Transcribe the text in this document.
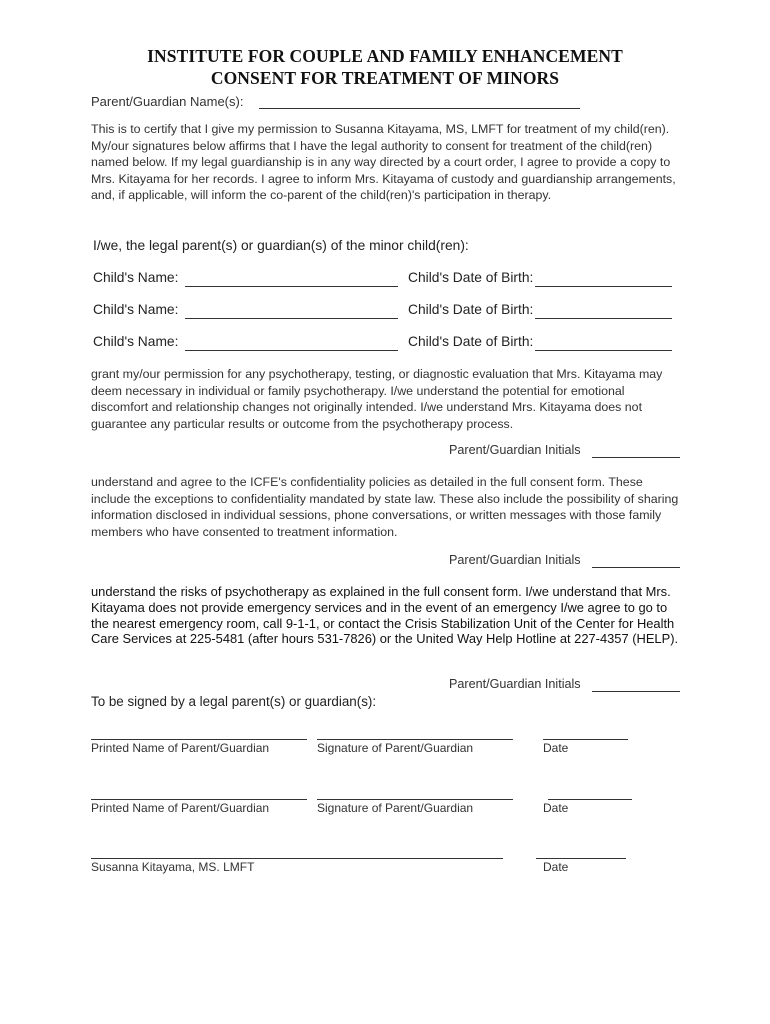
INSTITUTE FOR COUPLE AND FAMILY ENHANCEMENT
CONSENT FOR TREATMENT OF MINORS
Parent/Guardian Name(s):
This is to certify that I give my permission to Susanna Kitayama, MS, LMFT for treatment of my child(ren). My/our signatures below affirms that I have the legal authority to consent for treatment of the child(ren) named below. If my legal guardianship is in any way directed by a court order, I agree to provide a copy to Mrs. Kitayama for her records. I agree to inform Mrs. Kitayama of custody and guardianship arrangements, and, if applicable, will inform the co-parent of the child(ren)'s participation in therapy.
I/we, the legal parent(s) or guardian(s) of the minor child(ren):
Child's Name:	Child's Date of Birth:
Child's Name:	Child's Date of Birth:
Child's Name:	Child's Date of Birth:
grant my/our permission for any psychotherapy, testing, or diagnostic evaluation that Mrs. Kitayama may deem necessary in individual or family psychotherapy. I/we understand the potential for emotional discomfort and relationship changes not originally intended. I/we understand Mrs. Kitayama does not guarantee any particular results or outcome from the psychotherapy process.
Parent/Guardian Initials
understand and agree to the ICFE's confidentiality policies as detailed in the full consent form. These include the exceptions to confidentiality mandated by state law. These also include the possibility of sharing information disclosed in individual sessions, phone conversations, or written messages with those family members who have consented to treatment information.
Parent/Guardian Initials
understand the risks of psychotherapy as explained in the full consent form. I/we understand that Mrs. Kitayama does not provide emergency services and in the event of an emergency I/we agree to go to the nearest emergency room, call 9-1-1, or contact the Crisis Stabilization Unit of the Center for Health Care Services at 225-5481 (after hours 531-7826) or the United Way Help Hotline at 227-4357 (HELP).
Parent/Guardian Initials
To be signed by a legal parent(s) or guardian(s):
Printed Name of Parent/Guardian	Signature of Parent/Guardian	Date
Printed Name of Parent/Guardian	Signature of Parent/Guardian	Date
Susanna Kitayama, MS. LMFT	Date
